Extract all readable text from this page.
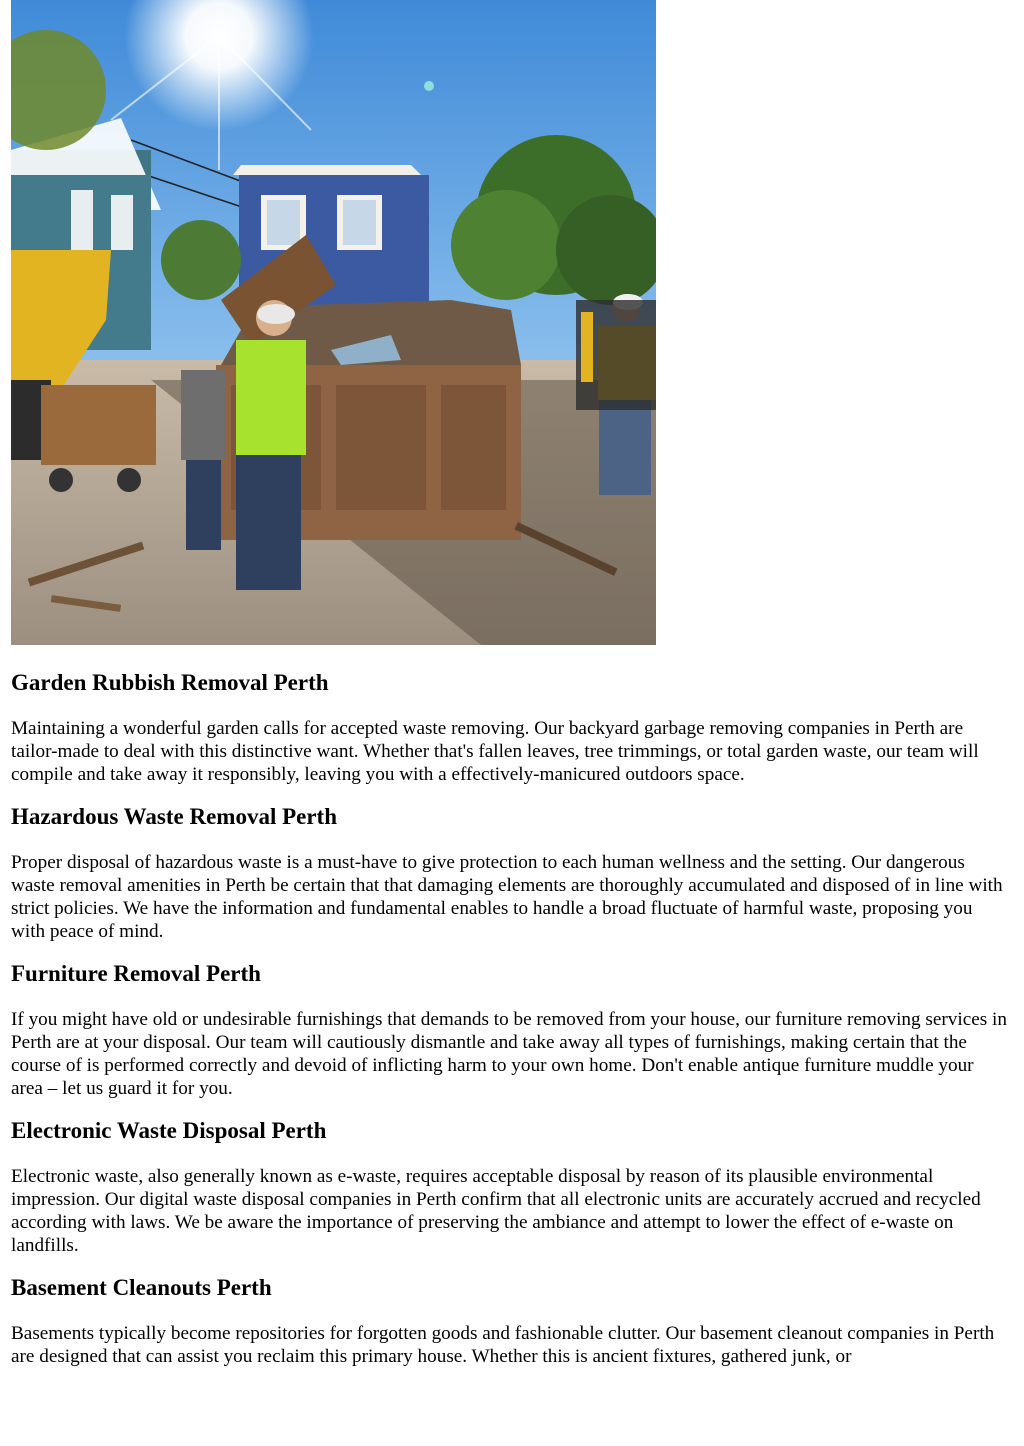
Garden Rubbish Removal Perth

Maintaining a wonderful garden calls for accepted waste removing. Our backyard garbage removing companies in Perth are tailor-made to deal with this distinctive want. Whether that's fallen leaves, tree trimmings, or total garden waste, our team will compile and take away it responsibly, leaving you with a effectively-manicured outdoors space.

Hazardous Waste Removal Perth

Proper disposal of hazardous waste is a must-have to give protection to each human wellness and the setting. Our dangerous waste removal amenities in Perth be certain that that damaging elements are thoroughly accumulated and disposed of in line with strict policies. We have the information and fundamental enables to handle a broad fluctuate of harmful waste, proposing you with peace of mind.

Furniture Removal Perth

If you might have old or undesirable furnishings that demands to be removed from your house, our furniture removing services in Perth are at your disposal. Our team will cautiously dismantle and take away all types of furnishings, making certain that the course of is performed correctly and devoid of inflicting harm to your own home. Don't enable antique furniture muddle your area – let us guard it for you.

Electronic Waste Disposal Perth

Electronic waste, also generally known as e-waste, requires acceptable disposal by reason of its plausible environmental impression. Our digital waste disposal companies in Perth confirm that all electronic units are accurately accrued and recycled according with laws. We be aware the importance of preserving the ambiance and attempt to lower the effect of e-waste on landfills.

Basement Cleanouts Perth

Basements typically become repositories for forgotten goods and fashionable clutter. Our basement cleanout companies in Perth are designed that can assist you reclaim this primary house. Whether this is ancient fixtures, gathered junk, or
